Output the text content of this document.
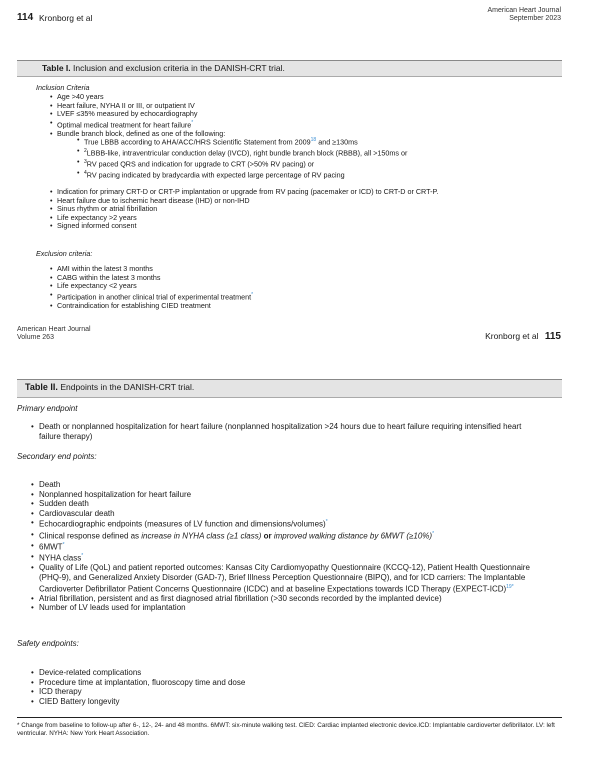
114 Kronborg et al
American Heart Journal
September 2023
Table I. Inclusion and exclusion criteria in the DANISH-CRT trial.
Inclusion Criteria
• Age >40 years
• Heart failure, NYHA II or III, or outpatient IV
• LVEF ≤35% measured by echocardiography
• Optimal medical treatment for heart failure*
• Bundle branch block, defined as one of the following:
• True LBBB according to AHA/ACC/HRS Scientific Statement from 2009$^{18}$ and ≥130ms
• $^2$LBBB-like, intraventricular conduction delay (IVCD), right bundle branch block (RBBB), all >150ms or
• $^3$RV paced QRS and indication for upgrade to CRT (>50% RV pacing) or
• $^4$RV pacing indicated by bradycardia with expected large percentage of RV pacing
• Indication for primary CRT-D or CRT-P implantation or upgrade from RV pacing (pacemaker or ICD) to CRT-D or CRT-P.
• Heart failure due to ischemic heart disease (IHD) or non-IHD
• Sinus rhythm or atrial fibrillation
• Life expectancy >2 years
• Signed informed consent
Exclusion criteria:
• AMI within the latest 3 months
• CABG within the latest 3 months
• Life expectancy <2 years
• Participation in another clinical trial of experimental treatment*
• Contraindication for establishing CIED treatment
American Heart Journal
Volume 263	Kronborg et al 115
Table II. Endpoints in the DANISH-CRT trial.
Primary endpoint
• Death or nonplanned hospitalization for heart failure (nonplanned hospitalization >24 hours due to heart failure requiring intensified heart failure therapy)
Secondary end points:
• Death
• Nonplanned hospitalization for heart failure
• Sudden death
• Cardiovascular death
• Echocardiographic endpoints (measures of LV function and dimensions/volumes)*
• Clinical response defined as increase in NYHA class (≥1 class) or improved walking distance by 6MWT (≥10%)*
• 6MWT*
• NYHA class*
• Quality of Life (QoL) and patient reported outcomes: Kansas City Cardiomyopathy Questionnaire (KCCQ-12), Patient Health Questionnaire (PHQ-9), and Generalized Anxiety Disorder (GAD-7), Brief Illness Perception Questionnaire (BIPQ), and for ICD carriers: The Implantable Cardioverter Defibrillator Patient Concerns Questionnaire (ICDC) and at baseline Expectations towards ICD Therapy (EXPECT-ICD)$^{19*}$
• Atrial fibrillation, persistent and as first diagnosed atrial fibrillation (>30 seconds recorded by the implanted device)
• Number of LV leads used for implantation
Safety endpoints:
• Device-related complications
• Procedure time at implantation, fluoroscopy time and dose
• ICD therapy
• CIED Battery longevity
* Change from baseline to follow-up after 6-, 12-, 24- and 48 months. 6MWT: six-minute walking test. CIED: Cardiac implanted electronic device.ICD: Implantable cardioverter defibrillator. LV: left ventricular. NYHA: New York Heart Association.
